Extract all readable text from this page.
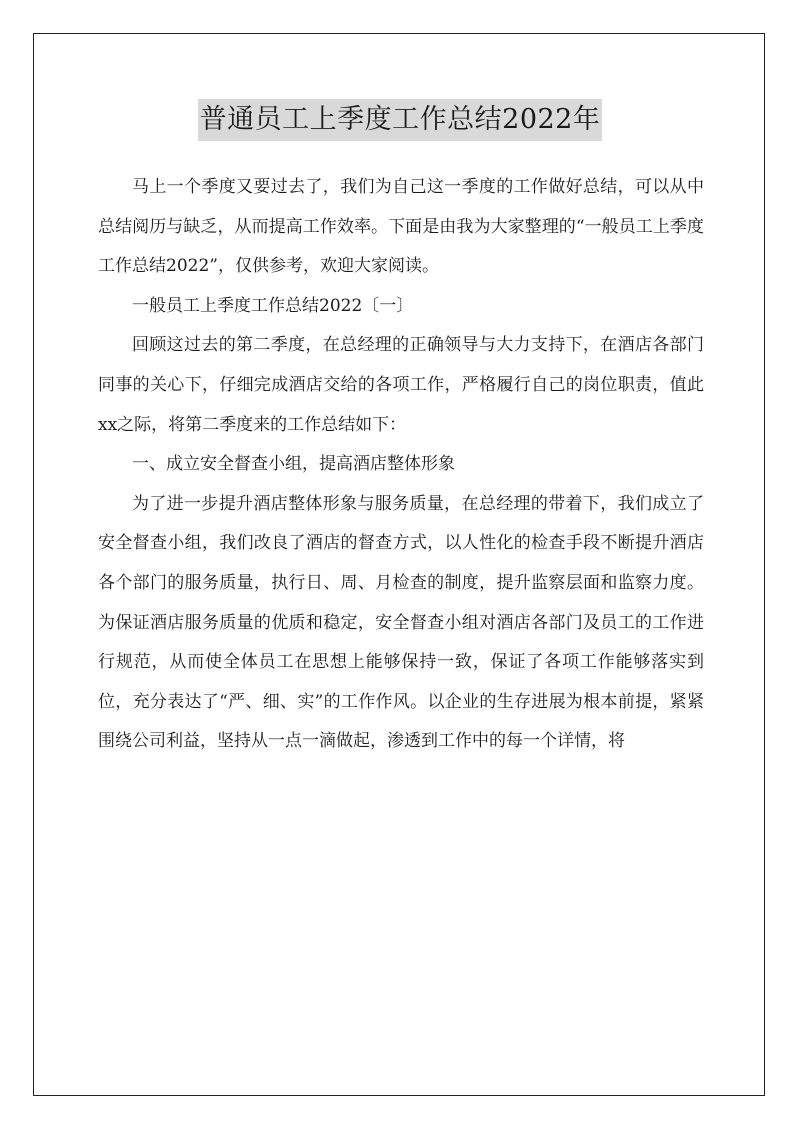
普通员工上季度工作总结2022年

马上一个季度又要过去了，我们为自己这一季度的工作做好总结，可以从中总结阅历与缺乏，从而提高工作效率。下面是由我为大家整理的“一般员工上季度工作总结2022”，仅供参考，欢迎大家阅读。

一般员工上季度工作总结2022〔一〕

回顾这过去的第二季度，在总经理的正确领导与大力支持下，在酒店各部门同事的关心下，仔细完成酒店交给的各项工作，严格履行自己的岗位职责，值此xx之际，将第二季度来的工作总结如下：

一、成立安全督查小组，提高酒店整体形象

为了进一步提升酒店整体形象与服务质量，在总经理的带着下，我们成立了安全督查小组，我们改良了酒店的督查方式，以人性化的检查手段不断提升酒店各个部门的服务质量，执行日、周、月检查的制度，提升监察层面和监察力度。为保证酒店服务质量的优质和稳定，安全督查小组对酒店各部门及员工的工作进行规范，从而使全体员工在思想上能够保持一致，保证了各项工作能够落实到位，充分表达了“严、细、实”的工作作风。以企业的生存进展为根本前提，紧紧围绕公司利益，坚持从一点一滴做起，渗透到工作中的每一个详情，将
